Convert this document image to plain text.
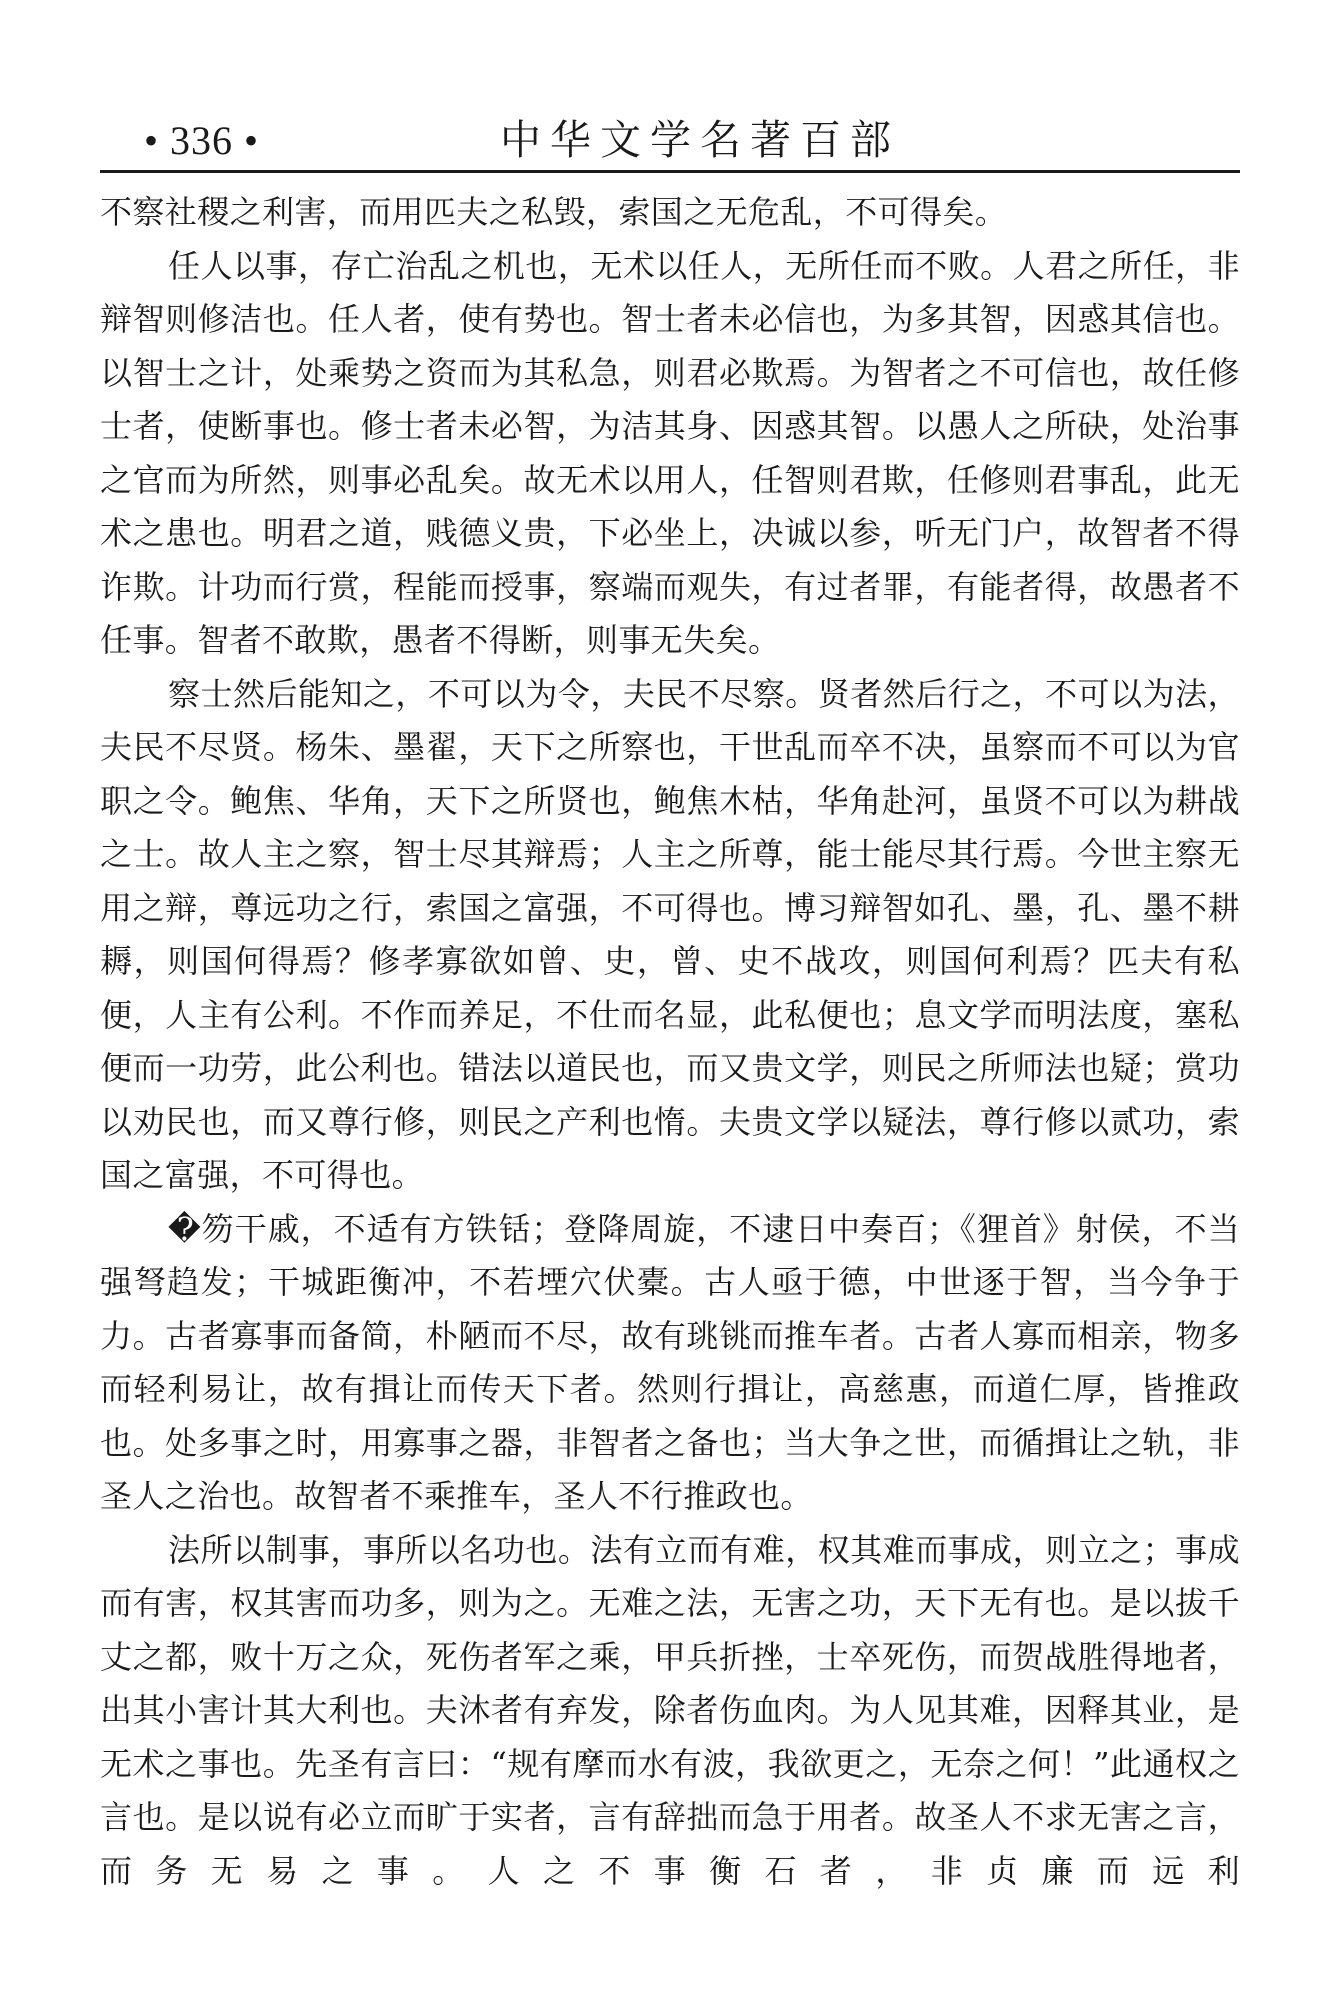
• 336 •	中华文学名著百部

不察社稷之利害，而用匹夫之私毁，索国之无危乱，不可得矣。

任人以事，存亡治乱之机也，无术以任人，无所任而不败。人君之所任，非辩智则修洁也。任人者，使有势也。智士者未必信也，为多其智，因惑其信也。以智士之计，处乘势之资而为其私急，则君必欺焉。为智者之不可信也，故任修士者，使断事也。修士者未必智，为洁其身、因惑其智。以愚人之所砄，处治事之官而为所然，则事必乱矣。故无术以用人，任智则君欺，任修则君事乱，此无术之患也。明君之道，贱德义贵，下必坐上，决诚以参，听无门户，故智者不得诈欺。计功而行赏，程能而授事，察端而观失，有过者罪，有能者得，故愚者不任事。智者不敢欺，愚者不得断，则事无失矣。

察士然后能知之，不可以为令，夫民不尽察。贤者然后行之，不可以为法，夫民不尽贤。杨朱、墨翟，天下之所察也，干世乱而卒不决，虽察而不可以为官职之令。鲍焦、华角，天下之所贤也，鲍焦木枯，华角赴河，虽贤不可以为耕战之士。故人主之察，智士尽其辩焉；人主之所尊，能士能尽其行焉。今世主察无用之辩，尊远功之行，索国之富强，不可得也。博习辩智如孔、墨，孔、墨不耕耨，则国何得焉？修孝寡欲如曾、史，曾、史不战攻，则国何利焉？匹夫有私便，人主有公利。不作而养足，不仕而名显，此私便也；息文学而明法度，塞私便而一功劳，此公利也。错法以道民也，而又贵文学，则民之所师法也疑；赏功以劝民也，而又尊行修，则民之产利也惰。夫贵文学以疑法，尊行修以贰功，索国之富强，不可得也。

�笏干戚，不适有方铁铦；登降周旋，不逮日中奏百；《狸首》射侯，不当强弩趋发；干城距衡冲，不若堙穴伏橐。古人亟于德，中世逐于智，当今争于力。古者寡事而备简，朴陋而不尽，故有珧铫而推车者。古者人寡而相亲，物多而轻利易让，故有揖让而传天下者。然则行揖让，高慈惠，而道仁厚，皆推政也。处多事之时，用寡事之器，非智者之备也；当大争之世，而循揖让之轨，非圣人之治也。故智者不乘推车，圣人不行推政也。

法所以制事，事所以名功也。法有立而有难，权其难而事成，则立之；事成而有害，权其害而功多，则为之。无难之法，无害之功，天下无有也。是以拔千丈之都，败十万之众，死伤者军之乘，甲兵折挫，士卒死伤，而贺战胜得地者，出其小害计其大利也。夫沐者有弃发，除者伤血肉。为人见其难，因释其业，是无术之事也。先圣有言曰：“规有摩而水有波，我欲更之，无奈之何！”此通权之言也。是以说有必立而旷于实者，言有辞拙而急于用者。故圣人不求无害之言，而务无易之事。人之不事衡石者，非贞廉而远利
